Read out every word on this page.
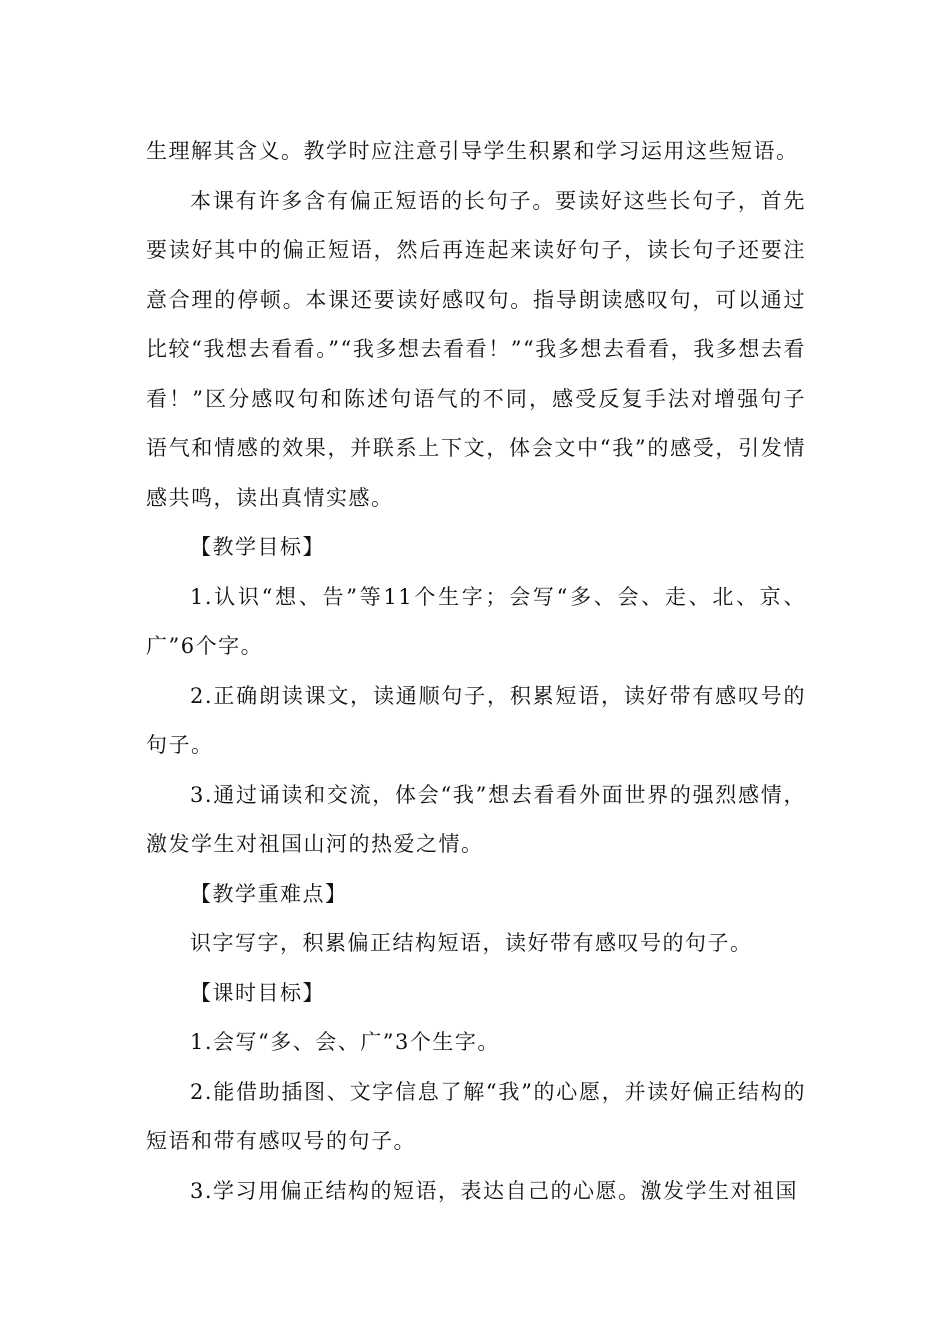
生理解其含义。教学时应注意引导学生积累和学习运用这些短语。

本课有许多含有偏正短语的长句子。要读好这些长句子，首先要读好其中的偏正短语，然后再连起来读好句子，读长句子还要注意合理的停顿。本课还要读好感叹句。指导朗读感叹句，可以通过比较“我想去看看。”“我多想去看看！”“我多想去看看，我多想去看看！”区分感叹句和陈述句语气的不同，感受反复手法对增强句子语气和情感的效果，并联系上下文，体会文中“我”的感受，引发情感共鸣，读出真情实感。

【教学目标】

1.认识“想、告”等11个生字；会写“多、会、走、北、京、广”6个字。

2.正确朗读课文，读通顺句子，积累短语，读好带有感叹号的句子。

3.通过诵读和交流，体会“我”想去看看外面世界的强烈感情，激发学生对祖国山河的热爱之情。

【教学重难点】

识字写字，积累偏正结构短语，读好带有感叹号的句子。

【课时目标】

1.会写“多、会、广”3个生字。

2.能借助插图、文字信息了解“我”的心愿，并读好偏正结构的短语和带有感叹号的句子。

3.学习用偏正结构的短语，表达自己的心愿。激发学生对祖国
